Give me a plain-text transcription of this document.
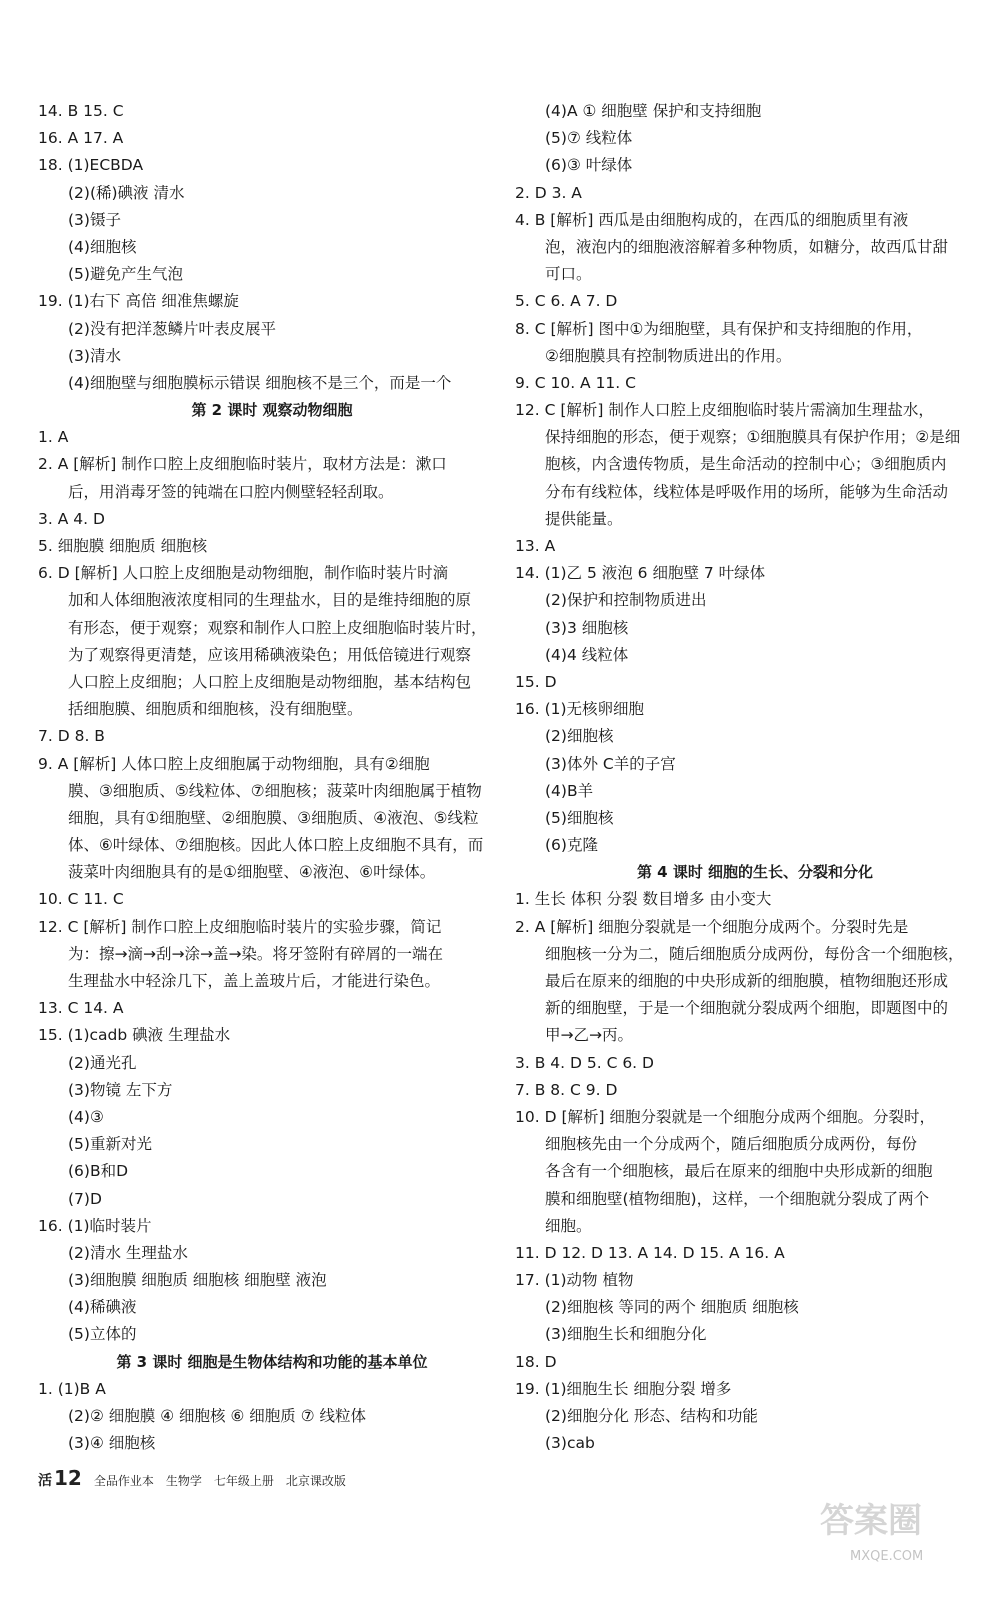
14. B 15. C
16. A 17. A
18. (1)ECBDA
(2)(稀)碘液 清水
(3)镊子
(4)细胞核
(5)避免产生气泡
19. (1)右下 高倍 细准焦螺旋
(2)没有把洋葱鳞片叶表皮展平
(3)清水
(4)细胞壁与细胞膜标示错误 细胞核不是三个，而是一个
第 2 课时 观察动物细胞
1. A
2. A [解析] 制作口腔上皮细胞临时装片，取材方法是：漱口
后，用消毒牙签的钝端在口腔内侧壁轻轻刮取。
3. A 4. D
5. 细胞膜 细胞质 细胞核
6. D [解析] 人口腔上皮细胞是动物细胞，制作临时装片时滴
加和人体细胞液浓度相同的生理盐水，目的是维持细胞的原
有形态，便于观察；观察和制作人口腔上皮细胞临时装片时，
为了观察得更清楚，应该用稀碘液染色；用低倍镜进行观察
人口腔上皮细胞；人口腔上皮细胞是动物细胞，基本结构包
括细胞膜、细胞质和细胞核，没有细胞壁。
7. D 8. B
9. A [解析] 人体口腔上皮细胞属于动物细胞，具有②细胞
膜、③细胞质、⑤线粒体、⑦细胞核；菠菜叶肉细胞属于植物
细胞，具有①细胞壁、②细胞膜、③细胞质、④液泡、⑤线粒
体、⑥叶绿体、⑦细胞核。因此人体口腔上皮细胞不具有，而
菠菜叶肉细胞具有的是①细胞壁、④液泡、⑥叶绿体。
10. C 11. C
12. C [解析] 制作口腔上皮细胞临时装片的实验步骤，简记
为：擦→滴→刮→涂→盖→染。将牙签附有碎屑的一端在
生理盐水中轻涂几下，盖上盖玻片后，才能进行染色。
13. C 14. A
15. (1)cadb 碘液 生理盐水
(2)通光孔
(3)物镜 左下方
(4)③
(5)重新对光
(6)B和D
(7)D
16. (1)临时装片
(2)清水 生理盐水
(3)细胞膜 细胞质 细胞核 细胞壁 液泡
(4)稀碘液
(5)立体的
第 3 课时 细胞是生物体结构和功能的基本单位
1. (1)B A
(2)② 细胞膜 ④ 细胞核 ⑥ 细胞质 ⑦ 线粒体
(3)④ 细胞核
(4)A ① 细胞壁 保护和支持细胞
(5)⑦ 线粒体
(6)③ 叶绿体
2. D 3. A
4. B [解析] 西瓜是由细胞构成的，在西瓜的细胞质里有液
泡，液泡内的细胞液溶解着多种物质，如糖分，故西瓜甘甜
可口。
5. C 6. A 7. D
8. C [解析] 图中①为细胞壁，具有保护和支持细胞的作用，
②细胞膜具有控制物质进出的作用。
9. C 10. A 11. C
12. C [解析] 制作人口腔上皮细胞临时装片需滴加生理盐水，
保持细胞的形态，便于观察；①细胞膜具有保护作用；②是细
胞核，内含遗传物质，是生命活动的控制中心；③细胞质内
分布有线粒体，线粒体是呼吸作用的场所，能够为生命活动
提供能量。
13. A
14. (1)乙 5 液泡 6 细胞壁 7 叶绿体
(2)保护和控制物质进出
(3)3 细胞核
(4)4 线粒体
15. D
16. (1)无核卵细胞
(2)细胞核
(3)体外 C羊的子宫
(4)B羊
(5)细胞核
(6)克隆
第 4 课时 细胞的生长、分裂和分化
1. 生长 体积 分裂 数目增多 由小变大
2. A [解析] 细胞分裂就是一个细胞分成两个。分裂时先是
细胞核一分为二，随后细胞质分成两份，每份含一个细胞核，
最后在原来的细胞的中央形成新的细胞膜，植物细胞还形成
新的细胞壁，于是一个细胞就分裂成两个细胞，即题图中的
甲→乙→丙。
3. B 4. D 5. C 6. D
7. B 8. C 9. D
10. D [解析] 细胞分裂就是一个细胞分成两个细胞。分裂时，
细胞核先由一个分成两个，随后细胞质分成两份，每份
各含有一个细胞核，最后在原来的细胞中央形成新的细胞
膜和细胞壁(植物细胞)，这样，一个细胞就分裂成了两个
细胞。
11. D 12. D 13. A 14. D 15. A 16. A
17. (1)动物 植物
(2)细胞核 等同的两个 细胞质 细胞核
(3)细胞生长和细胞分化
18. D
19. (1)细胞生长 细胞分裂 增多
(2)细胞分化 形态、结构和功能
(3)cab
活 12 全品作业本 生物学 七年级上册 北京课改版
答案圈
MXQE.COM
